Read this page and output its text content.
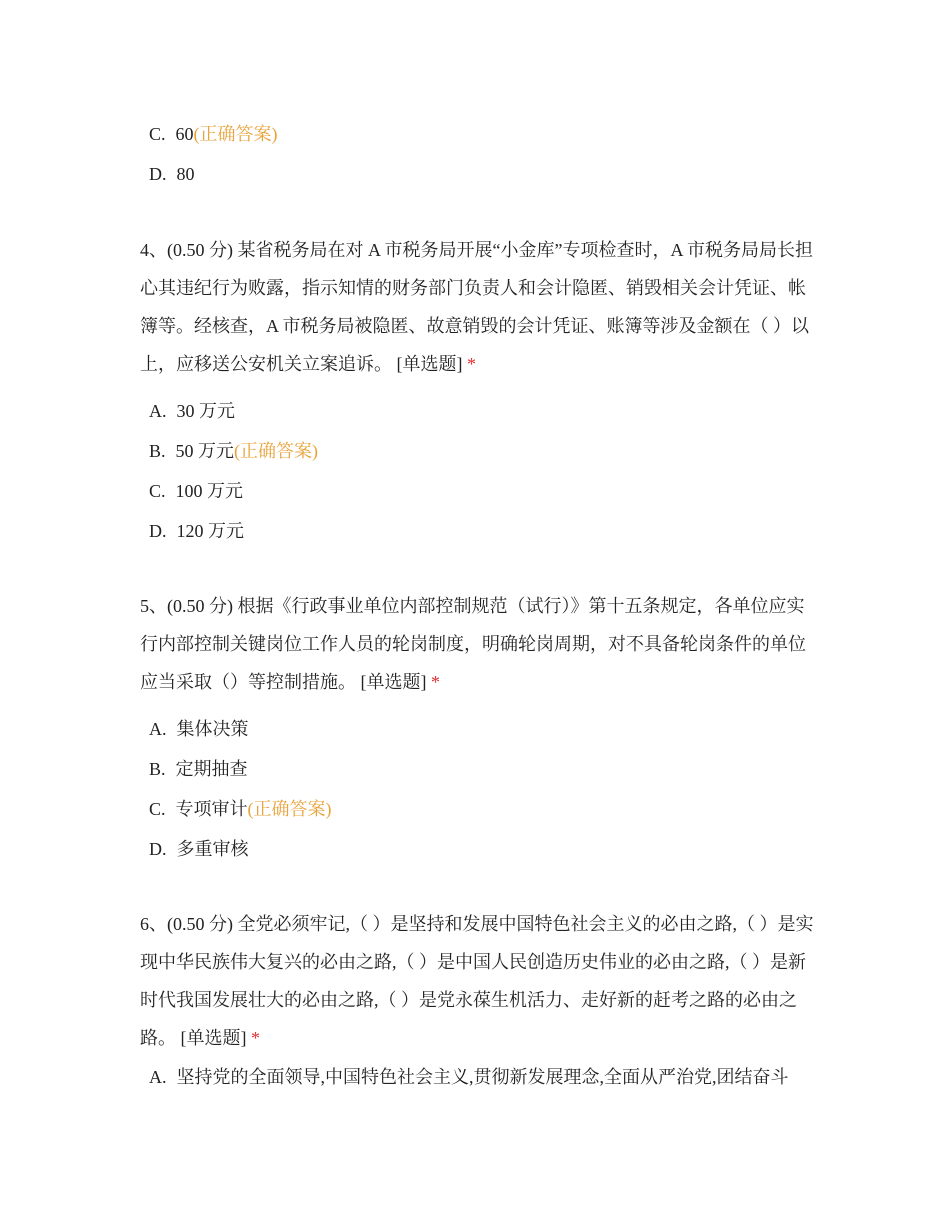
C. 60(正确答案)
D. 80
4、(0.50 分) 某省税务局在对 A 市税务局开展“小金库”专项检查时，A 市税务局局长担心其违纪行为败露，指示知情的财务部门负责人和会计隐匿、销毁相关会计凭证、帐簿等。经核查，A 市税务局被隐匿、故意销毁的会计凭证、账簿等涉及金额在（ ）以上，应移送公安机关立案追诉。 [单选题] *
A. 30 万元
B. 50 万元(正确答案)
C. 100 万元
D. 120 万元
5、(0.50 分) 根据《行政事业单位内部控制规范（试行）》第十五条规定，各单位应实行内部控制关键岗位工作人员的轮岗制度，明确轮岗周期，对不具备轮岗条件的单位应当采取（）等控制措施。 [单选题] *
A. 集体决策
B. 定期抽查
C. 专项审计(正确答案)
D. 多重审核
6、(0.50 分) 全党必须牢记,（ ）是坚持和发展中国特色社会主义的必由之路,（ ）是实现中华民族伟大复兴的必由之路,（ ）是中国人民创造历史伟业的必由之路,（ ）是新时代我国发展壮大的必由之路,（ ）是党永葆生机活力、走好新的赶考之路的必由之路。 [单选题] *
A. 坚持党的全面领导,中国特色社会主义,贯彻新发展理念,全面从严治党,团结奋斗
